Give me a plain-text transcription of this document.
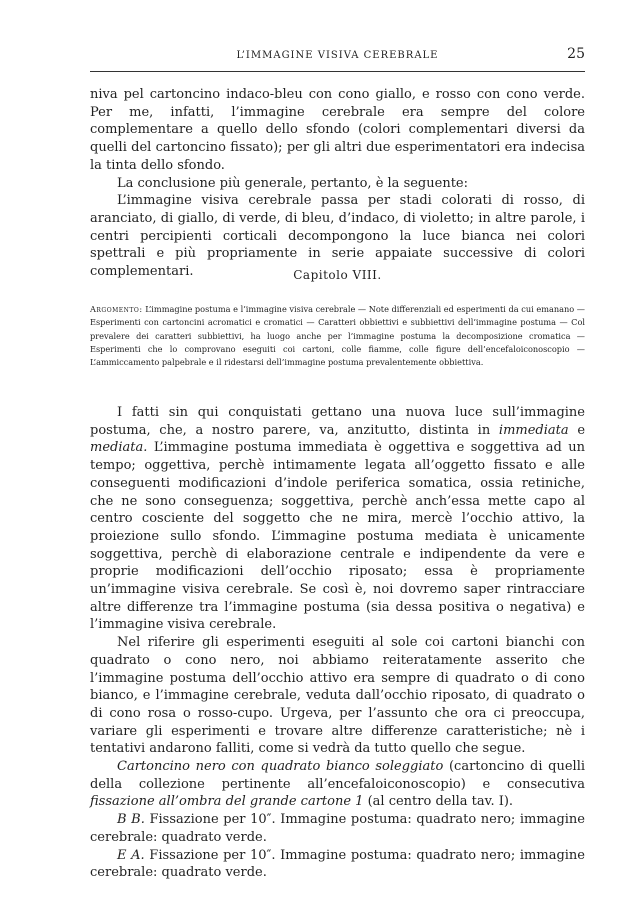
L’IMMAGINE VISIVA CEREBRALE	25

niva pel cartoncino indaco-bleu con cono giallo, e rosso con cono verde. Per me, infatti, l’immagine cerebrale era sempre del colore complementare a quello dello sfondo (colori complementari diversi da quelli del cartoncino fissato); per gli altri due esperimentatori era indecisa la tinta dello sfondo.

La conclusione più generale, pertanto, è la seguente:

L’immagine visiva cerebrale passa per stadi colorati di rosso, di aranciato, di giallo, di verde, di bleu, d’indaco, di violetto; in altre parole, i centri percipienti corticali decompongono la luce bianca nei colori spettrali e più propriamente in serie appaiate successive di colori complementari.	Capitolo VIII.
Argomento: L’immagine postuma e l’immagine visiva cerebrale — Note differenziali ed esperimenti da cui emanano — Esperimenti con cartoncini acromatici e cromatici — Caratteri obbiettivi e subbiettivi dell’immagine postuma — Col prevalere dei caratteri subbiettivi, ha luogo anche per l’immagine postuma la decomposizione cromatica — Esperimenti che lo comprovano eseguiti coi cartoni, colle fiamme, colle figure dell’encefaloiconoscopio — L’ammiccamento palpebrale e il ridestarsi dell’immagine postuma prevalentemente obbiettiva.

I fatti sin qui conquistati gettano una nuova luce sull’immagine postuma, che, a nostro parere, va, anzitutto, distinta in immediata e mediata. L’immagine postuma immediata è oggettiva e soggettiva ad un tempo; oggettiva, perchè intimamente legata all’oggetto fissato e alle conseguenti modificazioni d’indole periferica somatica, ossia retiniche, che ne sono conseguenza; soggettiva, perchè anch’essa mette capo al centro cosciente del soggetto che ne mira, mercè l’occhio attivo, la proiezione sullo sfondo. L’immagine postuma mediata è unicamente soggettiva, perchè di elaborazione centrale e indipendente da vere e proprie modificazioni dell’occhio riposato; essa è propriamente un’immagine visiva cerebrale. Se così è, noi dovremo saper rintracciare altre differenze tra l’immagine postuma (sia dessa positiva o negativa) e l’immagine visiva cerebrale.

Nel riferire gli esperimenti eseguiti al sole coi cartoni bianchi con quadrato o cono nero, noi abbiamo reiteratamente asserito che l’immagine postuma dell’occhio attivo era sempre di quadrato o di cono bianco, e l’immagine cerebrale, veduta dall’occhio riposato, di quadrato o di cono rosa o rosso-cupo. Urgeva, per l’assunto che ora ci preoccupa, variare gli esperimenti e trovare altre differenze caratteristiche; nè i tentativi andarono falliti, come si vedrà da tutto quello che segue.

Cartoncino nero con quadrato bianco soleggiato (cartoncino di quelli della collezione pertinente all’encefaloiconoscopio) e consecutiva fissazione all’ombra del grande cartone 1 (al centro della tav. I).

B B. Fissazione per 10″. Immagine postuma: quadrato nero; immagine cerebrale: quadrato verde.

E A. Fissazione per 10″. Immagine postuma: quadrato nero; immagine cerebrale: quadrato verde.
